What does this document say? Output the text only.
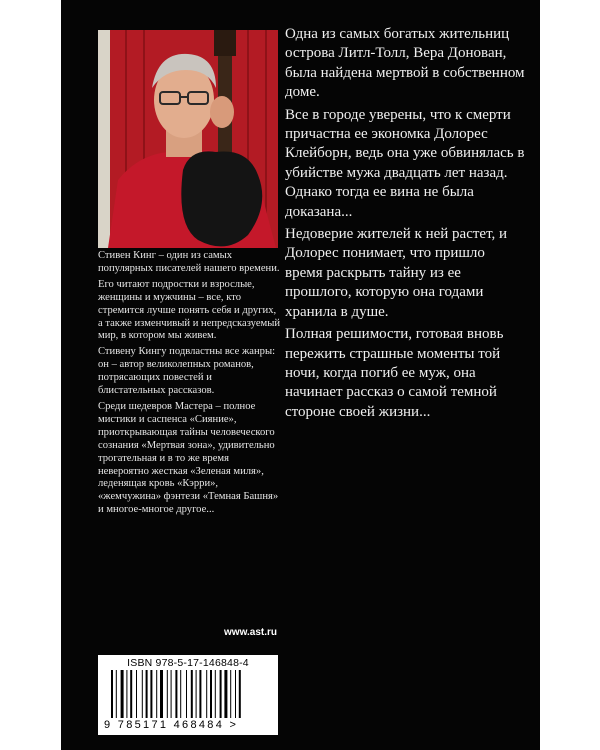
Стивен Кинг – один из самых популярных писателей нашего времени.

Его читают подростки и взрослые, женщины и мужчины – все, кто стремится лучше понять себя и других, а также изменчивый и непредсказуемый мир, в котором мы живем.

Стивену Кингу подвластны все жанры: он – автор великолепных романов, потрясающих повестей и блистательных рассказов.

Среди шедевров Мастера – полное мистики и саспенса «Сияние», приоткрывающая тайны человеческого сознания «Мертвая зона», удивительно трогательная и в то же время невероятно жесткая «Зеленая миля», леденящая кровь «Кэрри», «жемчужина» фэнтези «Темная Башня» и многое-многое другое...

Одна из самых богатых жительниц острова Литл-Толл, Вера Донован, была найдена мертвой в собственном доме.

Все в городе уверены, что к смерти причастна ее экономка Долорес Клейборн, ведь она уже обвинялась в убийстве мужа двадцать лет назад. Однако тогда ее вина не была доказана...

Недоверие жителей к ней растет, и Долорес понимает, что пришло время раскрыть тайну из ее прошлого, которую она годами хранила в душе.

Полная решимости, готовая вновь пережить страшные моменты той ночи, когда погиб ее муж, она начинает рассказ о самой темной стороне своей жизни...

www.ast.ru
ISBN 978-5-17-146848-4
9 785171 468484 >
